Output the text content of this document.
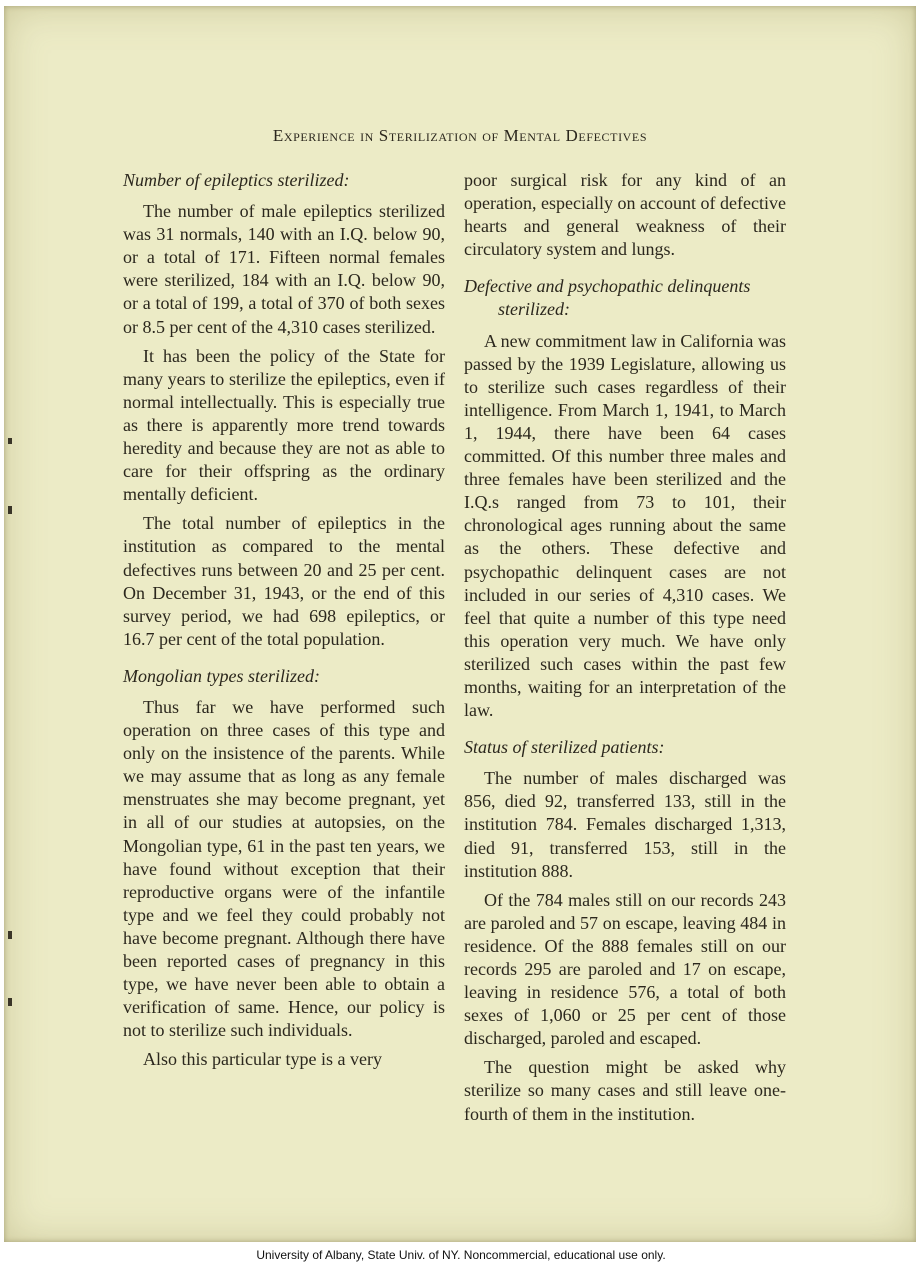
Experience in Sterilization of Mental Defectives
Number of epileptics sterilized:

The number of male epileptics sterilized was 31 normals, 140 with an I.Q. below 90, or a total of 171. Fifteen normal females were sterilized, 184 with an I.Q. below 90, or a total of 199, a total of 370 of both sexes or 8.5 per cent of the 4,310 cases sterilized.

It has been the policy of the State for many years to sterilize the epileptics, even if normal intellectually. This is especially true as there is apparently more trend towards heredity and because they are not as able to care for their offspring as the ordinary mentally deficient.

The total number of epileptics in the institution as compared to the mental defectives runs between 20 and 25 per cent. On December 31, 1943, or the end of this survey period, we had 698 epileptics, or 16.7 per cent of the total population.

Mongolian types sterilized:

Thus far we have performed such operation on three cases of this type and only on the insistence of the parents. While we may assume that as long as any female menstruates she may become pregnant, yet in all of our studies at autopsies, on the Mongolian type, 61 in the past ten years, we have found without exception that their reproductive organs were of the infantile type and we feel they could probably not have become pregnant. Although there have been reported cases of pregnancy in this type, we have never been able to obtain a verification of same. Hence, our policy is not to sterilize such individuals.

Also this particular type is a very

poor surgical risk for any kind of an operation, especially on account of defective hearts and general weakness of their circulatory system and lungs.

Defective and psychopathic delinquents sterilized:

A new commitment law in California was passed by the 1939 Legislature, allowing us to sterilize such cases regardless of their intelligence. From March 1, 1941, to March 1, 1944, there have been 64 cases committed. Of this number three males and three females have been sterilized and the I.Q.s ranged from 73 to 101, their chronological ages running about the same as the others. These defective and psychopathic delinquent cases are not included in our series of 4,310 cases. We feel that quite a number of this type need this operation very much. We have only sterilized such cases within the past few months, waiting for an interpretation of the law.

Status of sterilized patients:

The number of males discharged was 856, died 92, transferred 133, still in the institution 784. Females discharged 1,313, died 91, transferred 153, still in the institution 888.

Of the 784 males still on our records 243 are paroled and 57 on escape, leaving 484 in residence. Of the 888 females still on our records 295 are paroled and 17 on escape, leaving in residence 576, a total of both sexes of 1,060 or 25 per cent of those discharged, paroled and escaped.

The question might be asked why sterilize so many cases and still leave one-fourth of them in the institution.

University of Albany, State Univ. of NY. Noncommercial, educational use only.
